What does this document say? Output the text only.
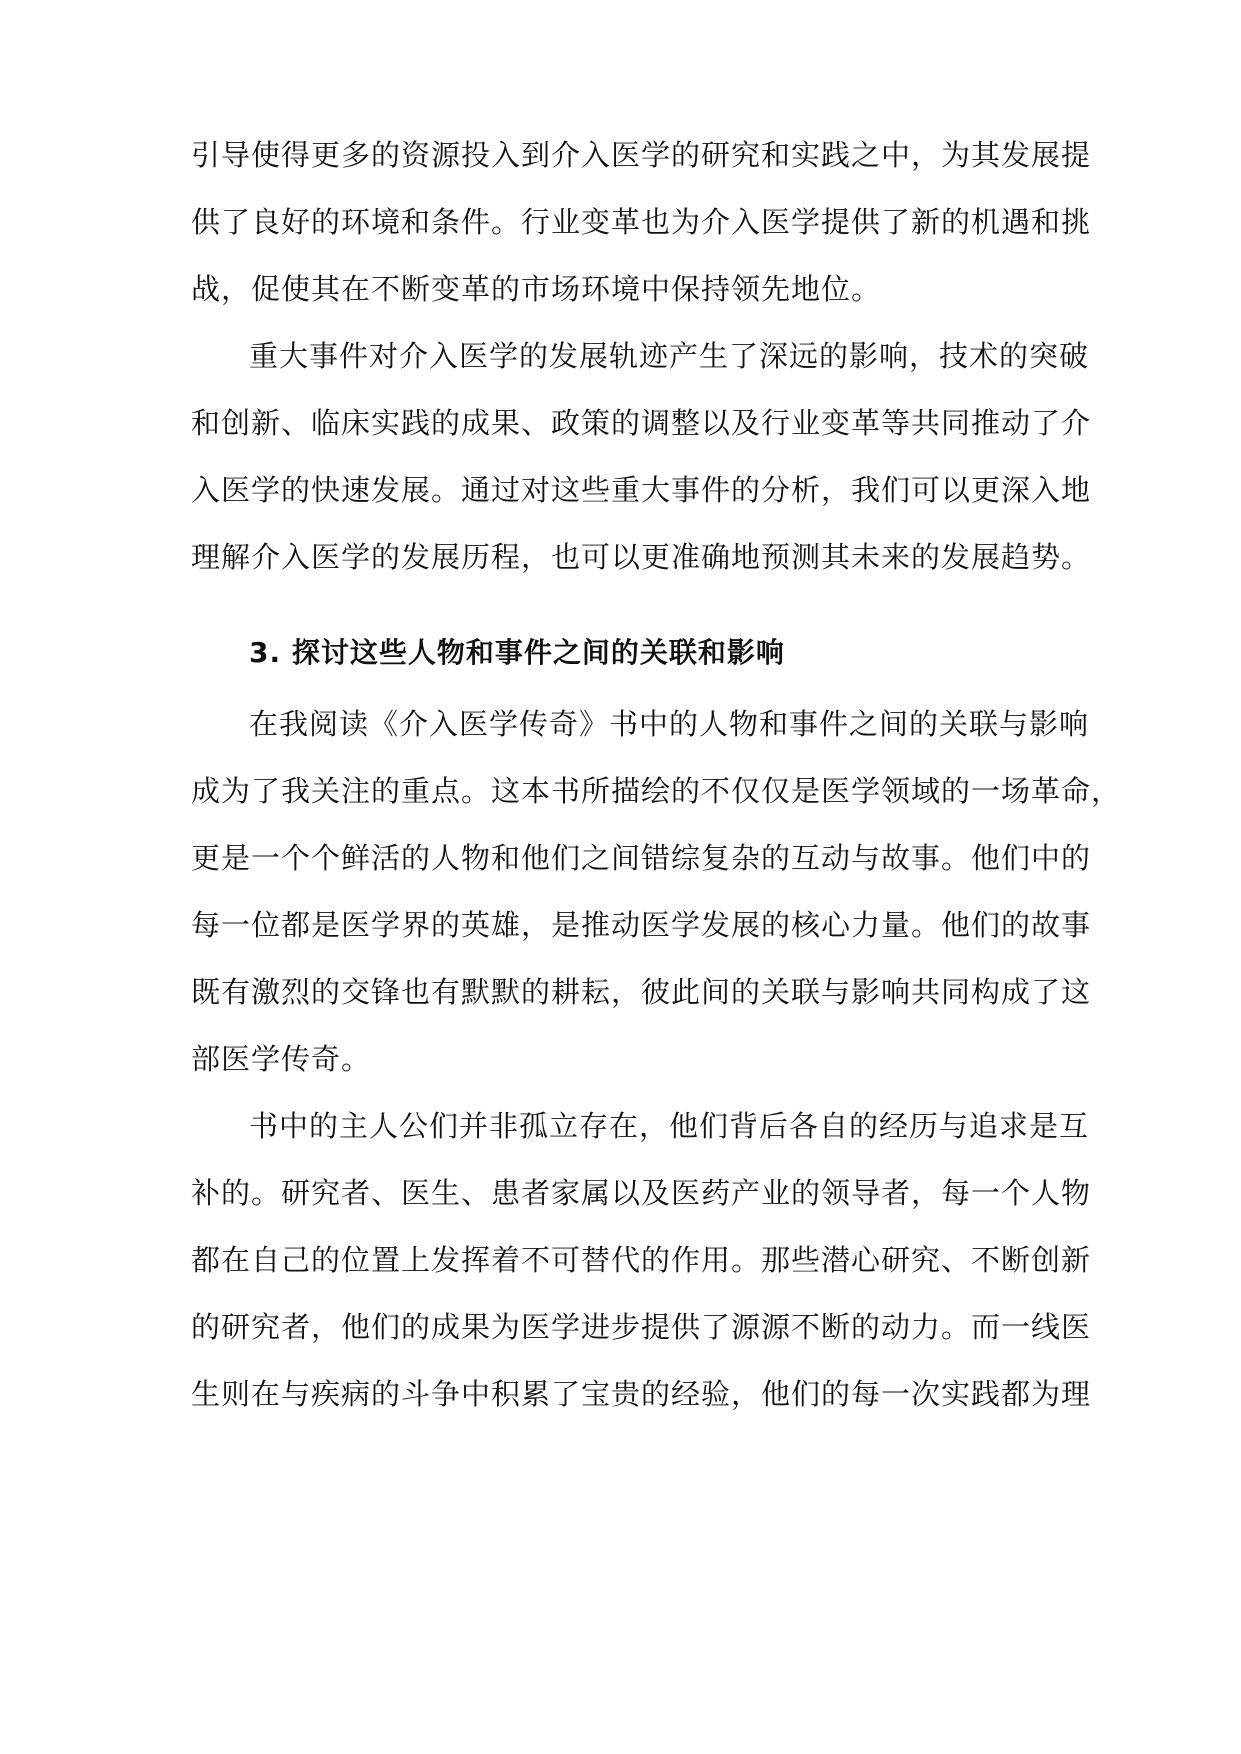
引导使得更多的资源投入到介入医学的研究和实践之中，为其发展提
供了良好的环境和条件。行业变革也为介入医学提供了新的机遇和挑
战，促使其在不断变革的市场环境中保持领先地位。
重大事件对介入医学的发展轨迹产生了深远的影响，技术的突破
和创新、临床实践的成果、政策的调整以及行业变革等共同推动了介
入医学的快速发展。通过对这些重大事件的分析，我们可以更深入地
理解介入医学的发展历程，也可以更准确地预测其未来的发展趋势。
3. 探讨这些人物和事件之间的关联和影响
在我阅读《介入医学传奇》书中的人物和事件之间的关联与影响
成为了我关注的重点。这本书所描绘的不仅仅是医学领域的一场革命，
更是一个个鲜活的人物和他们之间错综复杂的互动与故事。他们中的
每一位都是医学界的英雄，是推动医学发展的核心力量。他们的故事
既有激烈的交锋也有默默的耕耘，彼此间的关联与影响共同构成了这
部医学传奇。
书中的主人公们并非孤立存在，他们背后各自的经历与追求是互
补的。研究者、医生、患者家属以及医药产业的领导者，每一个人物
都在自己的位置上发挥着不可替代的作用。那些潜心研究、不断创新
的研究者，他们的成果为医学进步提供了源源不断的动力。而一线医
生则在与疾病的斗争中积累了宝贵的经验，他们的每一次实践都为理
